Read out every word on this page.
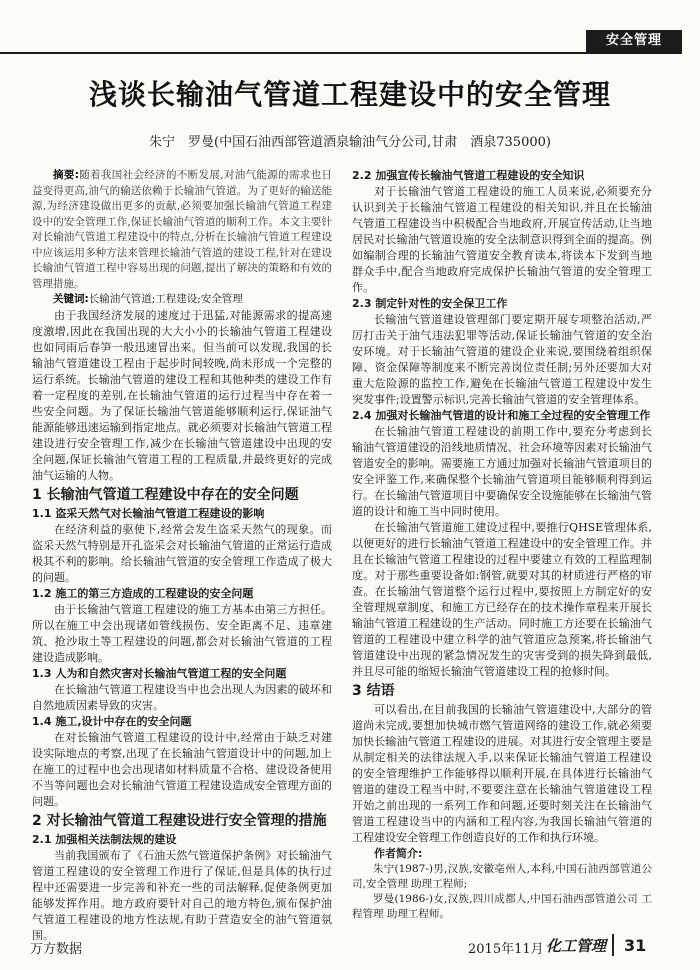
安全管理
浅谈长输油气管道工程建设中的安全管理
朱宁　罗曼(中国石油西部管道酒泉输油气分公司,甘肃　酒泉735000)

摘要:随着我国社会经济的不断发展,对油气能源的需求也日益变得更高,油气的输送依赖于长输油气管道。为了更好的输送能源,为经济建设做出更多的贡献,必须要加强长输油气管道工程建设中的安全管理工作,保证长输油气管道的顺利工作。本文主要针对长输油气管道工程建设中的特点,分析在长输油气管道工程建设中应该运用多种方法来管理长输油气管道的建设工程,针对在建设长输油气管道工程中容易出现的问题,提出了解决的策略和有效的管理措施。

关键词:长输油气管道;工程建设;安全管理

由于我国经济发展的速度过于迅猛,对能源需求的提高速度激增,因此在我国出现的大大小小的长输油气管道工程建设也如同雨后春笋一般迅速冒出来。但当前可以发现,我国的长输油气管道建设工程由于起步时间较晚,尚未形成一个完整的运行系统。长输油气管道的建设工程和其他种类的建设工作有着一定程度的差别,在长输油气管道的运行过程当中存在着一些安全问题。为了保证长输油气管道能够顺利运行,保证油气能源能够迅速运输到指定地点。就必须要对长输油气管道工程建设进行安全管理工作,减少在长输油气管道建设中出现的安全问题,保证长输油气管道工程的工程质量,并最终更好的完成油气运输的人物。

1 长输油气管道工程建设中存在的安全问题
1.1 盗采天然气对长输油气管道工程建设的影响

在经济利益的驱使下,经常会发生盗采天然气的现象。而盗采天然气特别是开孔盗采会对长输油气管道的正常运行造成极其不利的影响。给长输油气管道的安全管理工作造成了极大的问题。

1.2 施工的第三方造成的工程建设的安全问题

由于长输油气管道工程建设的施工方基本由第三方担任。所以在施工中会出现诸如管线损伤、安全距离不足、违章建筑、抢沙取土等工程建设的问题,都会对长输油气管道的工程建设造成影响。

1.3 人为和自然灾害对长输油气管道工程的安全问题

在长输油气管道工程建设当中也会出现人为因素的破坏和自然地质因素导致的灾害。

1.4 施工,设计中存在的安全问题

在对长输油气管道工程建设的设计中,经常由于缺乏对建设实际地点的考察,出现了在长输油气管道设计中的问题,加上在施工的过程中也会出现诸如材料质量不合格、建设设备使用不当等问题也会对长输油气管道工程建设造成安全管理方面的问题。

2 对长输油气管道工程建设进行安全管理的措施
2.1 加强相关法制法规的建设

当前我国颁布了《石油天然气管道保护条例》对长输油气管道工程建设的安全管理工作进行了保证,但是具体的执行过程中还需要进一步完善和补充一些的司法解释,促使条例更加能够发挥作用。地方政府要针对自己的地方特色,颁布保护油气管道工程建设的地方性法规,有助于营造安全的油气管道氛围。

2.2 加强宣传长输油气管道工程建设的安全知识

对于长输油气管道工程建设的施工人员来说,必须要充分认识到关于长输油气管道工程建设的相关知识,并且在长输油气管道工程建设当中积极配合当地政府,开展宣传活动,让当地居民对长输油气管道设施的安全法制意识得到全面的提高。例如编制合理的长输油气管道安全教育读本,将读本下发到当地群众手中,配合当地政府完成保护长输油气管道的安全管理工作。

2.3 制定针对性的安全保卫工作

长输油气管道建设管理部门要定期开展专项整治活动,严厉打击关于油气违法犯罪等活动,保证长输油气管道的安全治安环境。对于长输油气管道的建设企业来说,要围绕着组织保障、资金保障等制度来不断完善岗位责任制;另外还要加大对重大危险源的监控工作,避免在长输油气管道工程建设中发生突发事件;设置警示标识,完善长输油气管道的安全管理体系。

2.4 加强对长输油气管道的设计和施工全过程的安全管理工作

在长输油气管道工程建设的前期工作中,要充分考虑到长输油气管道建设的沿线地质情况、社会环境等因素对长输油气管道安全的影响。需要施工方通过加强对长输油气管道项目的安全评鉴工作,来确保整个长输油气管道项目能够顺利得到运行。在长输油气管道项目中要确保安全设施能够在长输油气管道的设计和施工当中同时使用。

在长输油气管道施工建设过程中,要推行QHSE管理体系,以便更好的进行长输油气管道工程建设中的安全管理工作。并且在长输油气管道工程建设的过程中要建立有效的工程监理制度。对于那些重要设备如:钢管,就要对其的材质进行严格的审查。在长输油气管道整个运行过程中,要按照上方制定好的安全管理规章制度、和施工方已经存在的技术操作章程来开展长输油气管道工程建设的生产活动。同时施工方还要在长输油气管道的工程建设中建立科学的油气管道应急预案,将长输油气管道建设中出现的紧急情况发生的灾害受到的损失降到最低,并且尽可能的缩短长输油气管道建设工程的抢修时间。

3 结语

可以看出,在目前我国的长输油气管道建设中,大部分的管道尚未完成,要想加快城市燃气管道网络的建设工作,就必须要加快长输油气管道工程建设的进展。对其进行安全管理主要是从制定相关的法律法规入手,以来保证长输油气管道工程建设的安全管理维护工作能够得以顺利开展,在具体进行长输油气管道的建设工程当中时,不要要注意在长输油气管道建设工程开始之前出现的一系列工作和问题,还要时刻关注在长输油气管道工程建设当中的内涵和工程内容,为我国长输油气管道的工程建设安全管理工作创造良好的工作和执行环境。

作者简介:

朱宁(1987-)男,汉族,安徽亳州人,本科,中国石油西部管道公司,安全管理 助理工程师;

罗曼(1986-)女,汉族,四川成都人,中国石油西部管道公司 工程管理 助理工程师。

万方数据	2015年11月 化工管理 31
